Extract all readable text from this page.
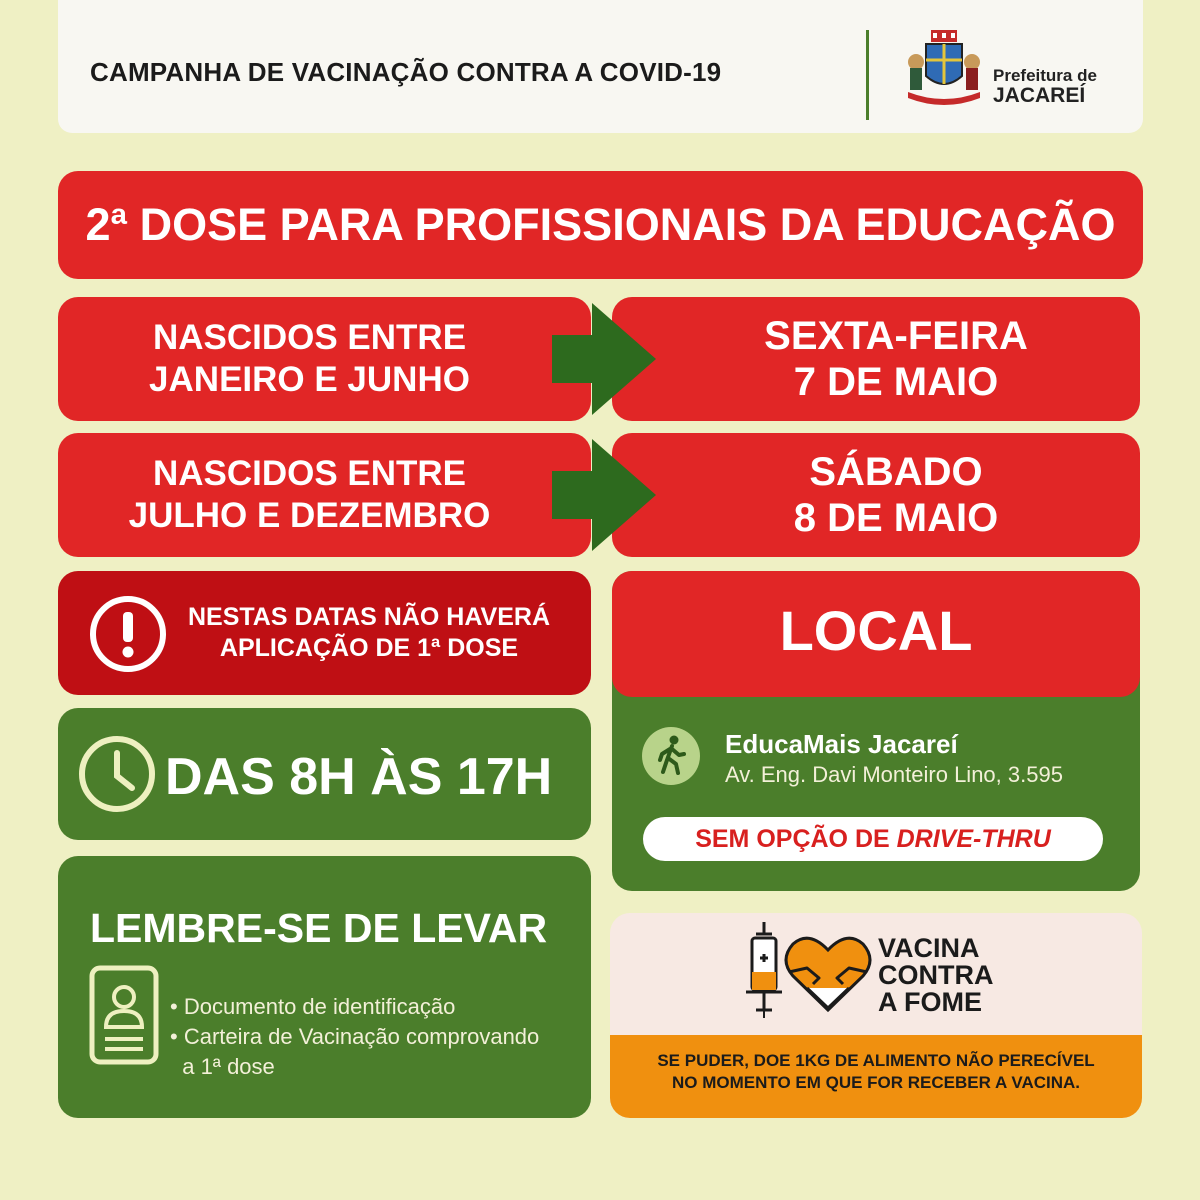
CAMPANHA DE VACINAÇÃO CONTRA A COVID-19	Prefeitura de
JACAREÍ
2ª DOSE PARA PROFISSIONAIS DA EDUCAÇÃO
NASCIDOS ENTRE
JANEIRO E JUNHO
SEXTA-FEIRA
7 DE MAIO
NASCIDOS ENTRE
JULHO E DEZEMBRO
SÁBADO
8 DE MAIO
NESTAS DATAS NÃO HAVERÁ
APLICAÇÃO DE 1ª DOSE
DAS 8H ÀS 17H
LEMBRE-SE DE LEVAR
• Documento de identificação
• Carteira de Vacinação comprovando
a 1ª dose
LOCAL
EducaMais Jacareí
Av. Eng. Davi Monteiro Lino, 3.595
SEM OPÇÃO DE DRIVE-THRU
VACINA
CONTRA
A FOME
SE PUDER, DOE 1KG DE ALIMENTO NÃO PERECÍVEL
NO MOMENTO EM QUE FOR RECEBER A VACINA.
